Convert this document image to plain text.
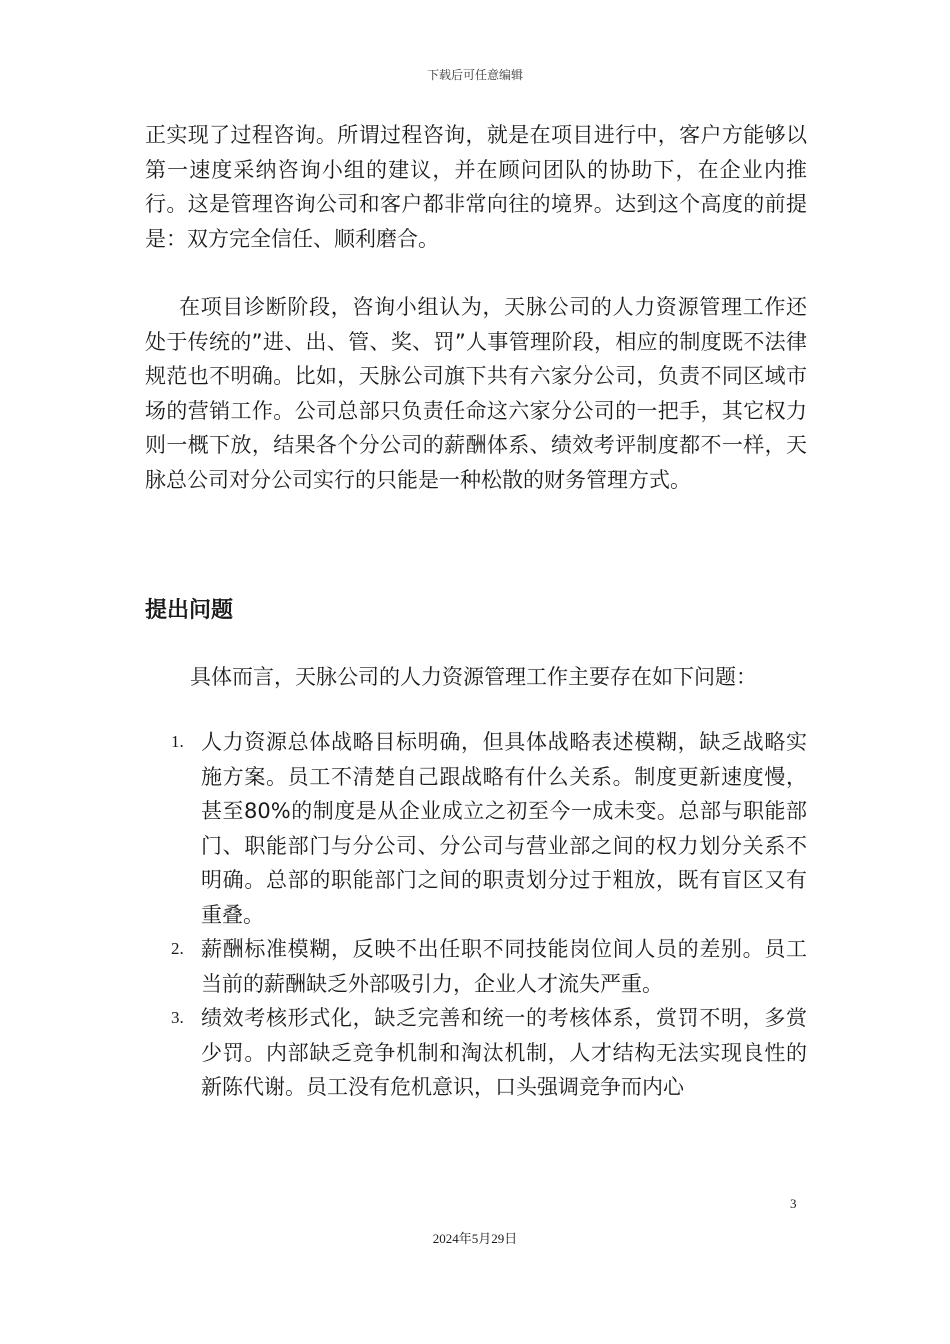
下载后可任意编辑
正实现了过程咨询。所谓过程咨询，就是在项目进行中，客户方能够以第一速度采纳咨询小组的建议，并在顾问团队的协助下，在企业内推行。这是管理咨询公司和客户都非常向往的境界。达到这个高度的前提是：双方完全信任、顺利磨合。
在项目诊断阶段，咨询小组认为，天脉公司的人力资源管理工作还处于传统的”进、出、管、奖、罚”人事管理阶段，相应的制度既不法律规范也不明确。比如，天脉公司旗下共有六家分公司，负责不同区域市场的营销工作。公司总部只负责任命这六家分公司的一把手，其它权力则一概下放，结果各个分公司的薪酬体系、绩效考评制度都不一样，天脉总公司对分公司实行的只能是一种松散的财务管理方式。
提出问题
具体而言，天脉公司的人力资源管理工作主要存在如下问题：
1. 人力资源总体战略目标明确，但具体战略表述模糊，缺乏战略实施方案。员工不清楚自己跟战略有什么关系。制度更新速度慢，甚至80%的制度是从企业成立之初至今一成未变。总部与职能部门、职能部门与分公司、分公司与营业部之间的权力划分关系不明确。总部的职能部门之间的职责划分过于粗放，既有盲区又有重叠。
2. 薪酬标准模糊，反映不出任职不同技能岗位间人员的差别。员工当前的薪酬缺乏外部吸引力，企业人才流失严重。
3. 绩效考核形式化，缺乏完善和统一的考核体系，赏罚不明，多赏少罚。内部缺乏竞争机制和淘汰机制，人才结构无法实现良性的新陈代谢。员工没有危机意识，口头强调竞争而内心
3
2024年5月29日
